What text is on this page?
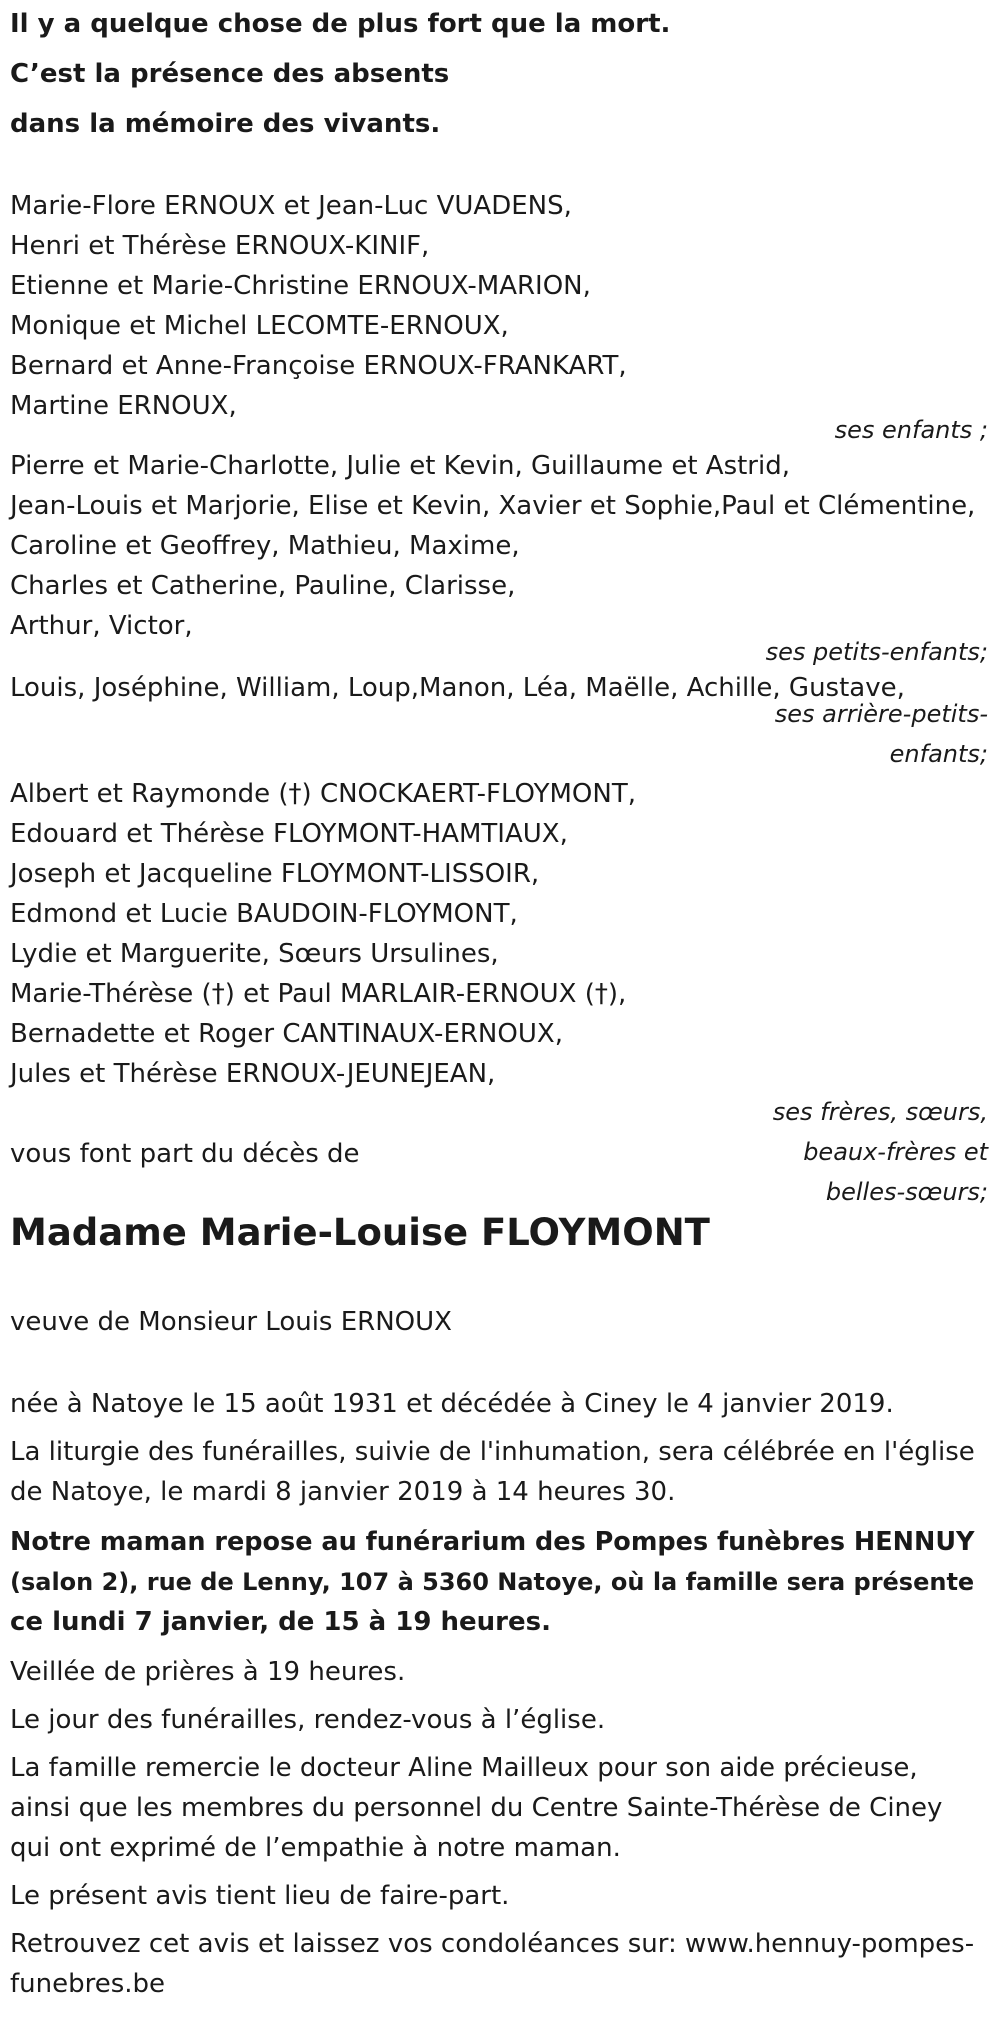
Il y a quelque chose de plus fort que la mort.
C’est la présence des absents
dans la mémoire des vivants.
Marie-Flore ERNOUX et Jean-Luc VUADENS,
Henri et Thérèse ERNOUX-KINIF,
Etienne et Marie-Christine ERNOUX-MARION,
Monique et Michel LECOMTE-ERNOUX,
Bernard et Anne-Françoise ERNOUX-FRANKART,
Martine ERNOUX,
ses enfants ;
Pierre et Marie-Charlotte, Julie et Kevin, Guillaume et Astrid,
Jean-Louis et Marjorie, Elise et Kevin, Xavier et Sophie,Paul et Clémentine,
Caroline et Geoffrey, Mathieu, Maxime,
Charles et Catherine, Pauline, Clarisse,
Arthur, Victor,
ses petits-enfants;
Louis, Joséphine, William, Loup,Manon, Léa, Maëlle, Achille, Gustave,
ses arrière-petits-
enfants;
Albert et Raymonde (†) CNOCKAERT-FLOYMONT,
Edouard et Thérèse FLOYMONT-HAMTIAUX,
Joseph et Jacqueline FLOYMONT-LISSOIR,
Edmond et Lucie BAUDOIN-FLOYMONT,
Lydie et Marguerite, Sœurs Ursulines,
Marie-Thérèse (†) et Paul MARLAIR-ERNOUX (†),
Bernadette et Roger CANTINAUX-ERNOUX,
Jules et Thérèse ERNOUX-JEUNEJEAN,
ses frères, sœurs,
beaux-frères et
belles-sœurs;
vous font part du décès de
Madame Marie-Louise FLOYMONT
veuve de Monsieur Louis ERNOUX
née à Natoye le 15 août 1931 et décédée à Ciney le 4 janvier 2019.
La liturgie des funérailles, suivie de l'inhumation, sera célébrée en l'église
de Natoye, le mardi 8 janvier 2019 à 14 heures 30.
Notre maman repose au funérarium des Pompes funèbres HENNUY
(salon 2), rue de Lenny, 107 à 5360 Natoye, où la famille sera présente
ce lundi 7 janvier, de 15 à 19 heures.
Veillée de prières à 19 heures.
Le jour des funérailles, rendez-vous à l’église.
La famille remercie le docteur Aline Mailleux pour son aide précieuse,
ainsi que les membres du personnel du Centre Sainte-Thérèse de Ciney
qui ont exprimé de l’empathie à notre maman.
Le présent avis tient lieu de faire-part.
Retrouvez cet avis et laissez vos condoléances sur: www.hennuy-pompes-
funebres.be
